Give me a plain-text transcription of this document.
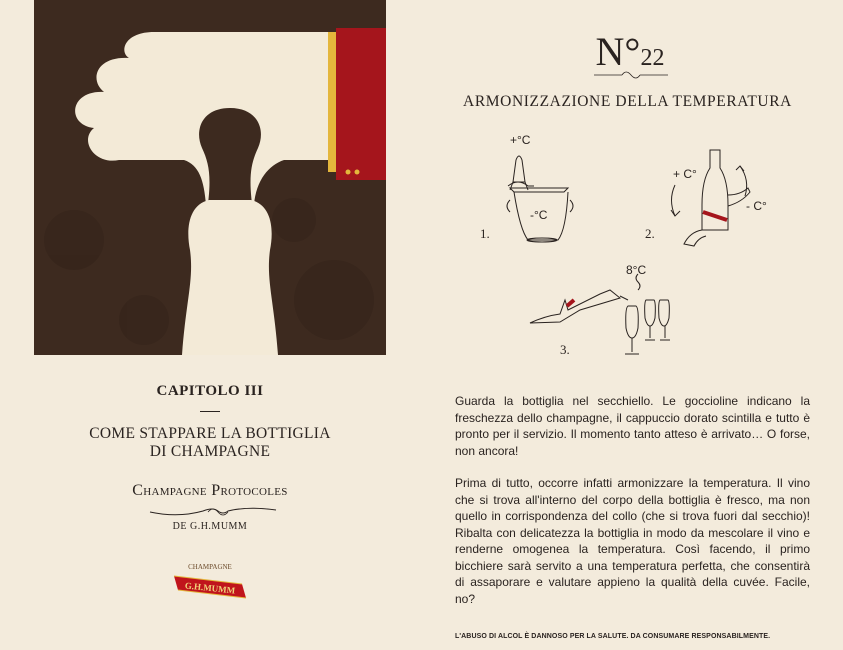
CAPITOLO III
COME STAPPARE LA BOTTIGLIA
DI CHAMPAGNE
Champagne Protocoles
DE G.H.MUMM
CHAMPAGNE
G.H.MUMM
N°22
ARMONIZZAZIONE DELLA TEMPERATURA
1.
+°C
-°C
2.
+ C°
- C°
3.
8°C
Guarda la bottiglia nel secchiello. Le goccioline indicano la freschezza dello champagne, il cappuccio dorato scintilla e tutto è pronto per il servizio. Il momento tanto atteso è arrivato… O forse, non ancora!
Prima di tutto, occorre infatti armonizzare la temperatura. Il vino che si trova all'interno del corpo della bottiglia è fresco, ma non quello in corrispondenza del collo (che si trova fuori dal secchio)! Ribalta con delicatezza la bottiglia in modo da mescolare il vino e renderne omogenea la temperatura. Così facendo, il primo bicchiere sarà servito a una temperatura perfetta, che consentirà di assaporare e valutare appieno la qualità della cuvée. Facile, no?
L'ABUSO DI ALCOL È DANNOSO PER LA SALUTE. DA CONSUMARE RESPONSABILMENTE.
